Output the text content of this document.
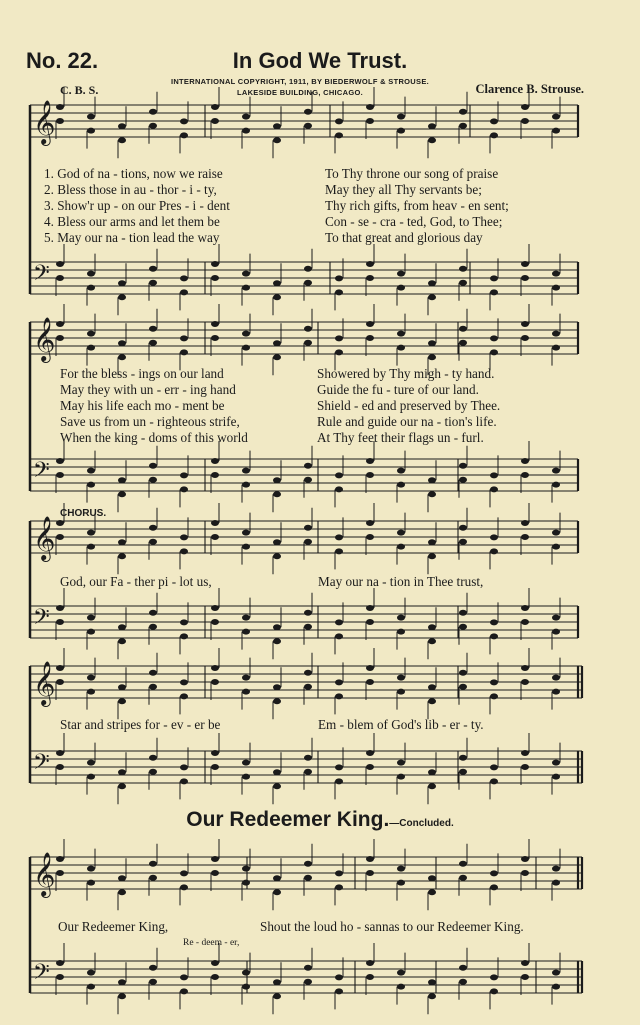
No. 22.	In God We Trust.
INTERNATIONAL COPYRIGHT, 1911, BY BIEDERWOLF & STROUSE.
LAKESIDE BUILDING, CHICAGO.
C. B. S.	Clarence B. Strouse.
𝄞
𝄢
𝄞
𝄢
𝄞
𝄢
𝄞
𝄢
𝄞
𝄢
1. God of na - tions, now we raise	To Thy throne our song of praise
2. Bless those in au - thor - i - ty,	May they all Thy servants be;
3. Show'r up - on our Pres - i - dent	Thy rich gifts, from heav - en sent;
4. Bless our arms and let them be	Con - se - cra - ted, God, to Thee;
5. May our na - tion lead the way	To that great and glorious day
For the bless - ings on our land	Showered by Thy migh - ty hand.
May they with un - err - ing hand	Guide the fu - ture of our land.
May his life each mo - ment be	Shield - ed and preserved by Thee.
Save us from un - righteous strife,	Rule and guide our na - tion's life.
When the king - doms of this world	At Thy feet their flags un - furl.
CHORUS.
God, our Fa - ther pi - lot us,	May our na - tion in Thee trust,
Star and stripes for - ev - er be	Em - blem of God's lib - er - ty.
Our Redeemer King.—Concluded.
Our Redeemer King,	Shout the loud ho - sannas to our Redeemer King.
Re - deem - er,
